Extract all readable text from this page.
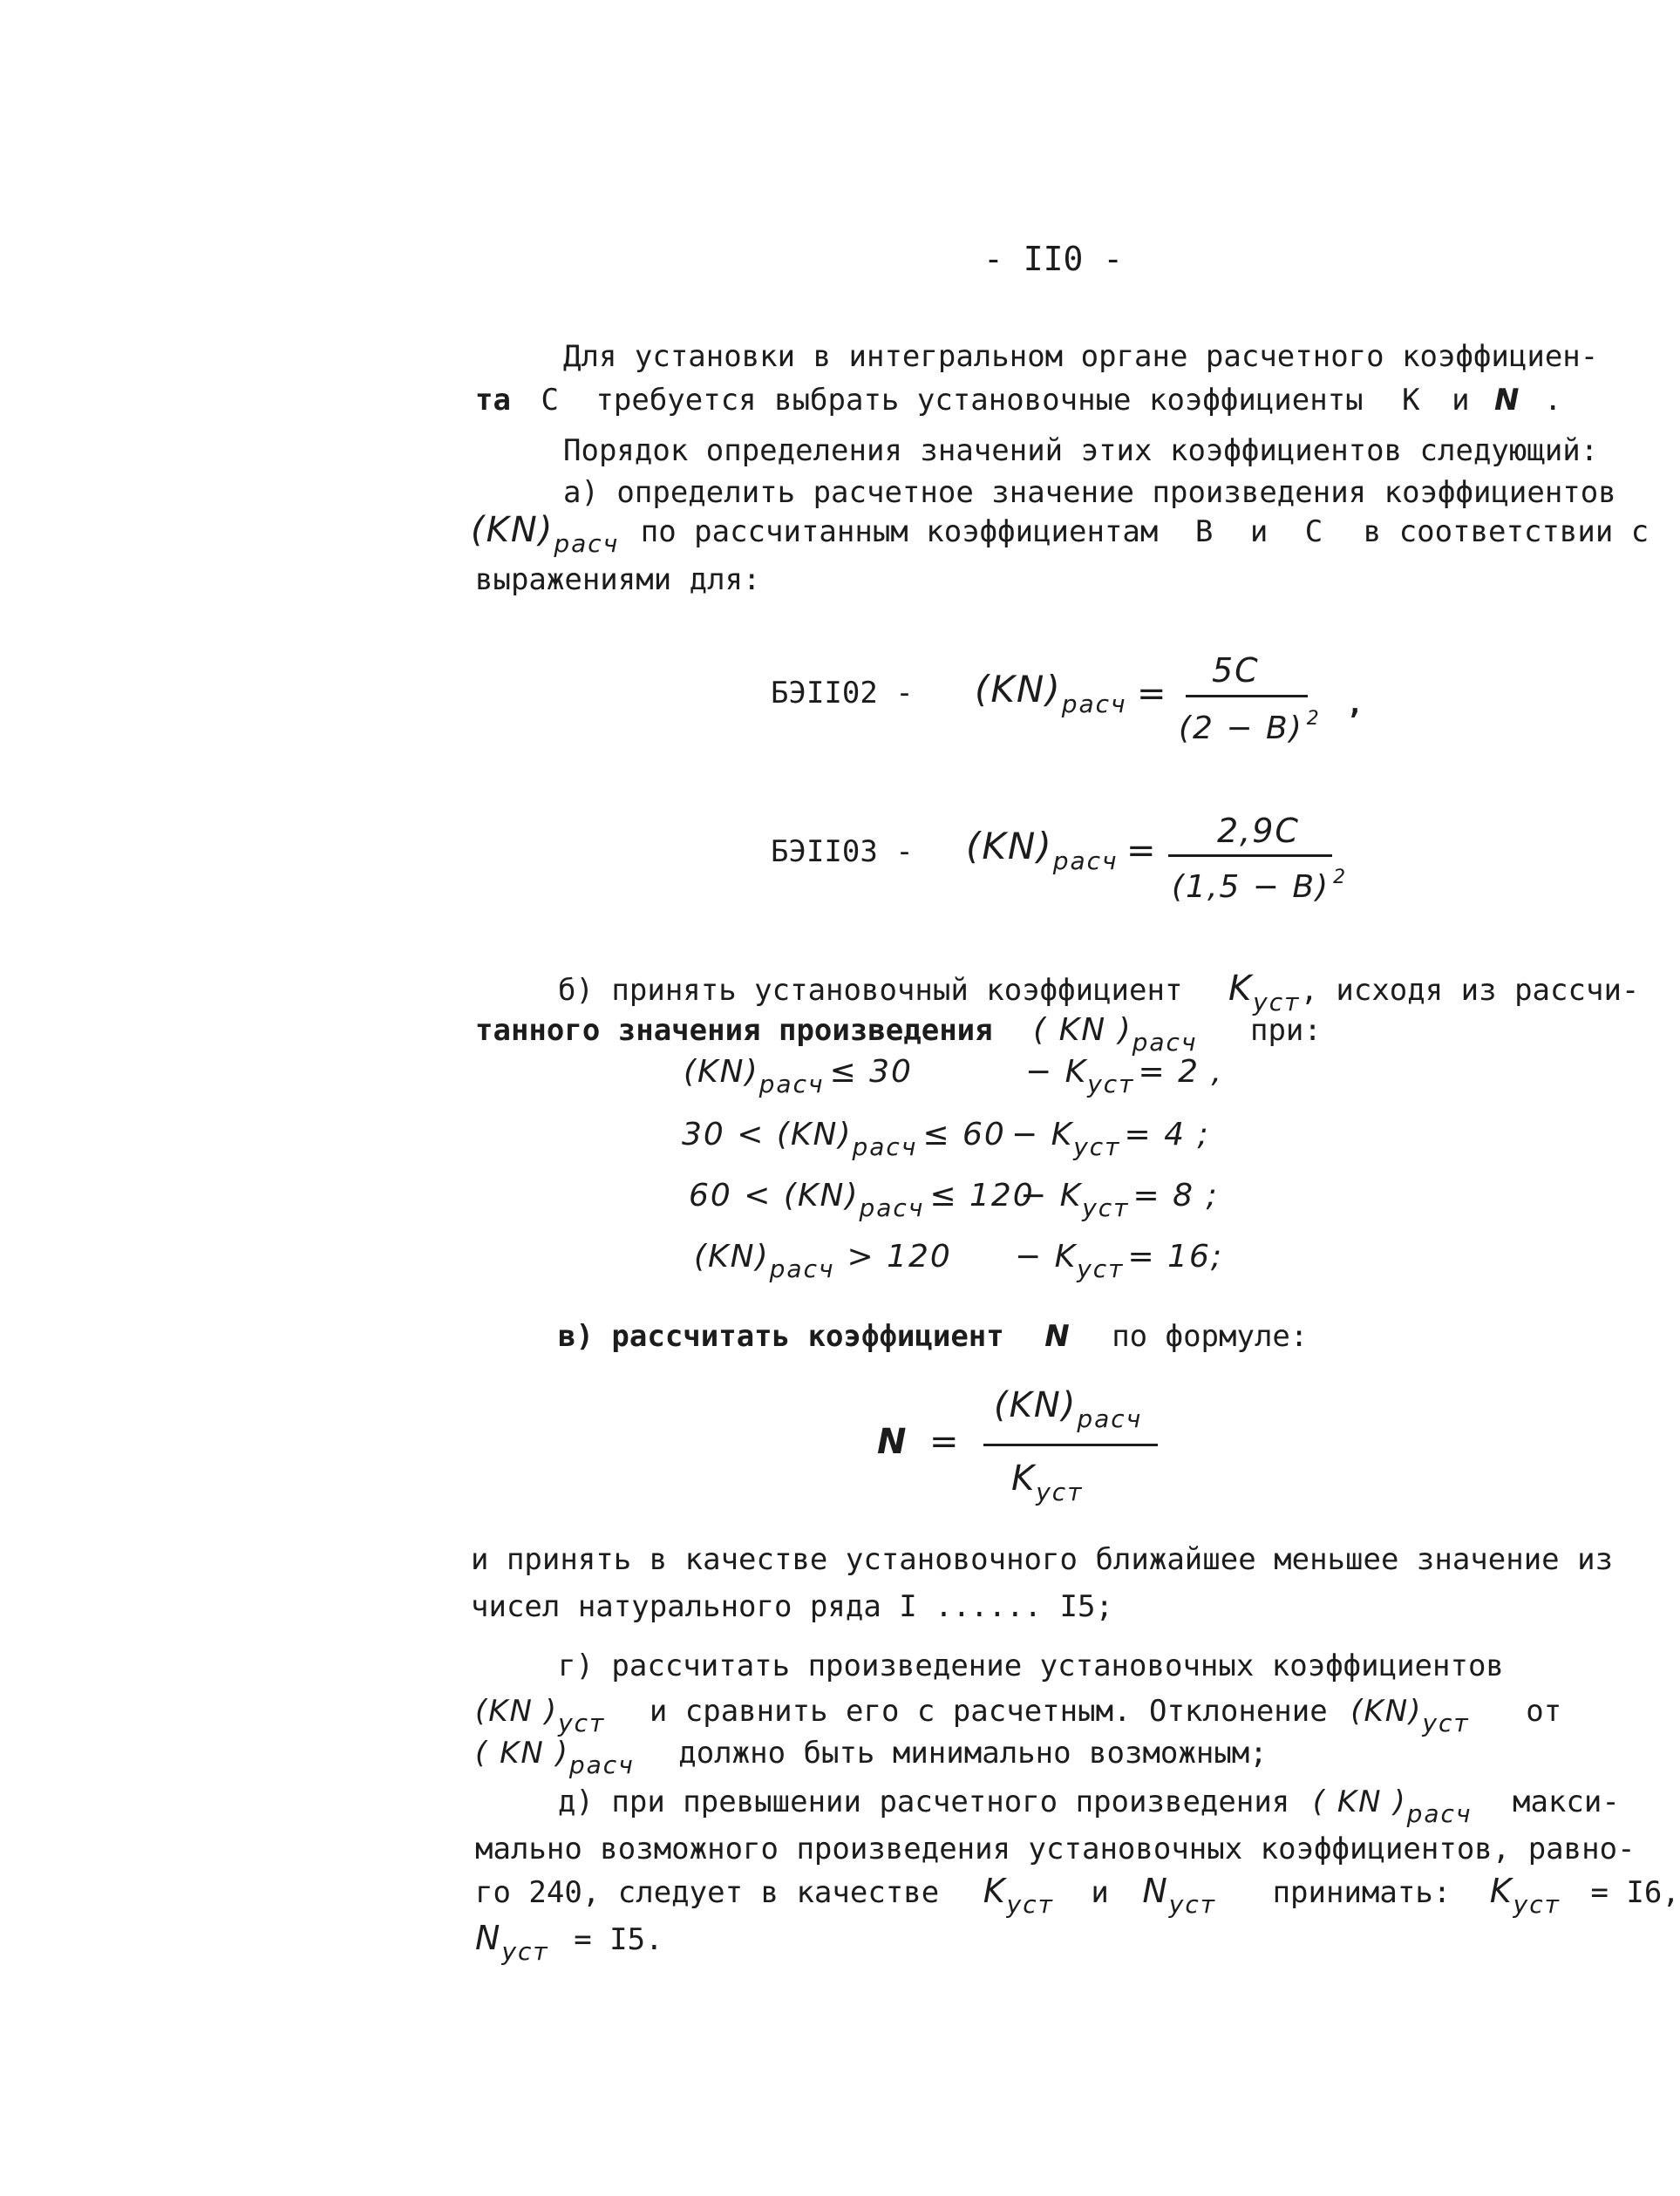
- II0 -
Для установки в интегральном органе расчетного коэффициен-
та С требуется выбрать установочные коэффициенты К и N .
Порядок определения значений этих коэффициентов следующий:
а) определить расчетное значение произведения коэффициентов
$(KN)_{расч}$ по рассчитанным коэффициентам В и С в соответствии с
выражениями для:
БЭII02 - $(KN)_{расч}$ =
5C
(2 − B) $^2$ ,
БЭII03 - $(KN)_{расч} = 2,9C$
(1,5 − B) $^2$
б) принять установочный коэффициент $K_{уст}$, исходя из рассчи-
танного значения произведения ( KN )$_{расч}$ при:
$(KN)_{расч} \le 30$	− $K_{уст} = 2$ ,
$30 < (KN)_{расч} \le 60 - K_{уст} = 4$ ;
$60 < (KN)_{расч} \le 120$
− $K_{уст} = 8$ ;
$(KN)_{расч} > 120 - K_{уст} = 16$;
в) рассчитать коэффициент N по формуле:
N =
$(KN)_{расч}$
$K_{уст}$
и принять в качестве установочного ближайшее меньшее значение из
чисел натурального ряда I ...... I5;
г) рассчитать произведение установочных коэффициентов
(KN )$_{уст}$ и сравнить его с расчетным. Отклонение $(KN)_{уст}$ от
( KN )$_{расч}$ должно быть минимально возможным;
д) при превышении расчетного произведения ( KN )$_{расч}$ макси-
мально возможного произведения установочных коэффициентов, равно-
го 240, следует в качестве $K_{уст}$ и $N_{уст}$ принимать: $K_{уст} = I6$,
$N_{уст} = I5$.
